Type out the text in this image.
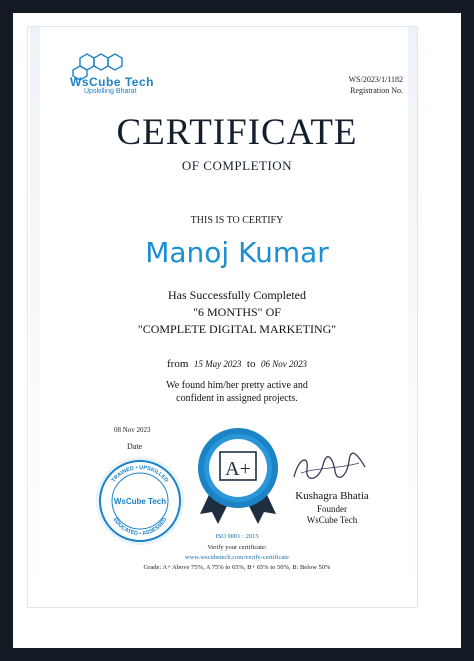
WsCube Tech
Upskilling Bharat
WS/2023/1/1182
Registration No.
CERTIFICATE
OF COMPLETION
THIS IS TO CERTIFY
Manoj Kumar
Has Successfully Completed
"6 MONTHS" OF
"COMPLETE DIGITAL MARKETING"
from 15 May 2023 to 06 Nov 2023
We found him/her pretty active and
confident in assigned projects.
08 Nov 2023
Date
TRAINED • UPSKILLED
EDUCATED • ASSESSED
WsCube Tech
A+
Kushagra Bhatia
Founder
WsCube Tech
ISO 9001 : 2015
Verify your certificate:
www.wscubetech.com/verify-certificate
Grade: A+ Above 75%, A 75% to 65%, B+ 65% to 50%, B: Below 50%
